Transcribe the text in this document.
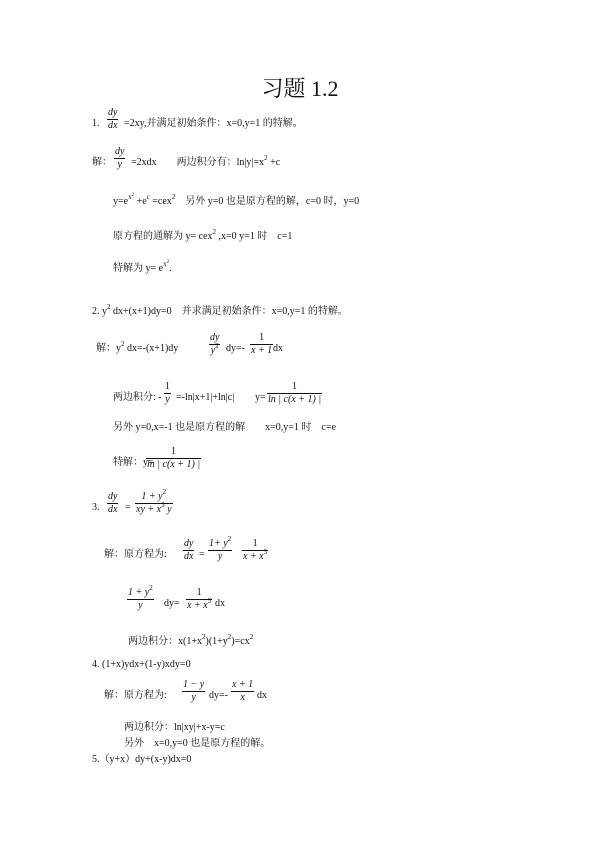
习题 1.2
1. $\frac{dy}{dx} =2xy$,并满足初始条件：x=0,y=1 的特解。
解： $\frac{dy}{y} =2xdx$　　两边积分有：$\ln|y|=x^2 +c$
$y=e^{x^2} +e^c =cex^2$　另外 y=0 也是原方程的解，c=0 时，y=0
原方程的通解为 y= cex$^2$ ,x=0 y=1 时　c=1
特解为 $y= e^{x^2}$.
2. $y^2$ dx+(x+1)dy=0　并求满足初始条件：x=0,y=1 的特解。
解：$y^2$ dx=-(x+1)dy	$\frac{dy}{y^2} dy=- \frac{1}{x + 1}$ dx
两边积分: - $\frac{1}{y} =-\ln|x+1|+\ln|c|$ $y= \frac{1}{\ln | c(x + 1) |}$
另外 y=0,x=-1 也是原方程的解　　x=0,y=1 时　c=e
特解：y=
$\frac{1}{\ln | c(x + 1) |}$
3. $\frac{dy}{dx} = \frac{1 + y^2}{xy + x^3 y}$
解：原方程为: $\frac{dy}{dx} = \frac{1+ y^2}{y} \frac{1}{x + x^3}$
$\frac{1 + y^2}{y} dy= \frac{1}{x + x^3}$ dx
两边积分：$x(1+x^2)(1+y^2)=cx^2$
4. (1+x)ydx+(1-y)xdy=0
解：原方程为: $\frac{1 - y}{y} dy=- \frac{x + 1}{x}$ dx
两边积分：ln|xy|+x-y=c
另外　x=0,y=0 也是原方程的解。
5.（y+x）dy+(x-y)dx=0
